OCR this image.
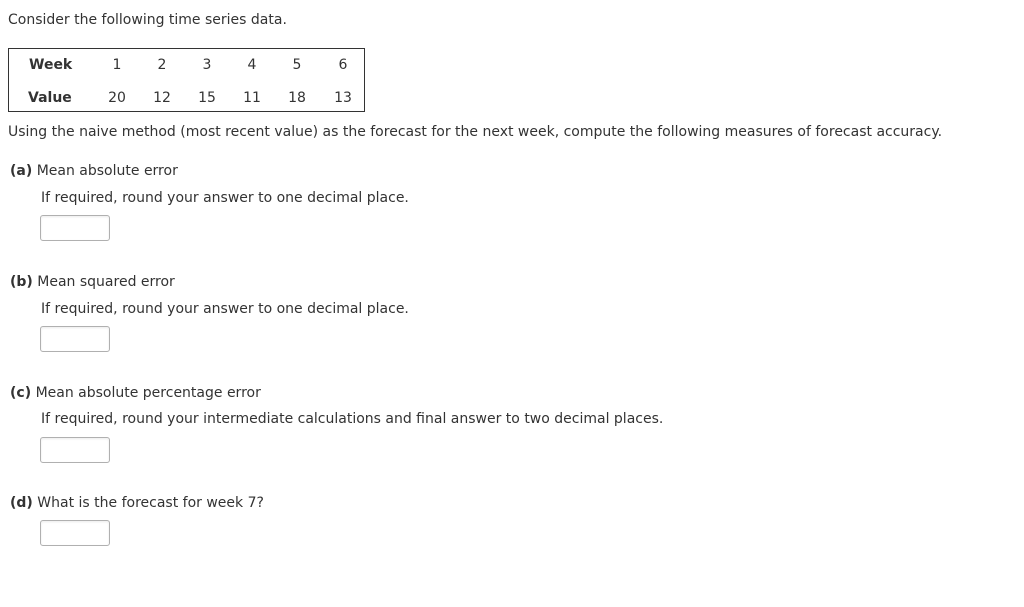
Consider the following time series data.
Week	1	2	3	4	5	6
Value	20	12	15	11	18	13
Using the naive method (most recent value) as the forecast for the next week, compute the following measures of forecast accuracy.
(a) Mean absolute error
If required, round your answer to one decimal place.
(b) Mean squared error
If required, round your answer to one decimal place.
(c) Mean absolute percentage error
If required, round your intermediate calculations and final answer to two decimal places.
(d) What is the forecast for week 7?
